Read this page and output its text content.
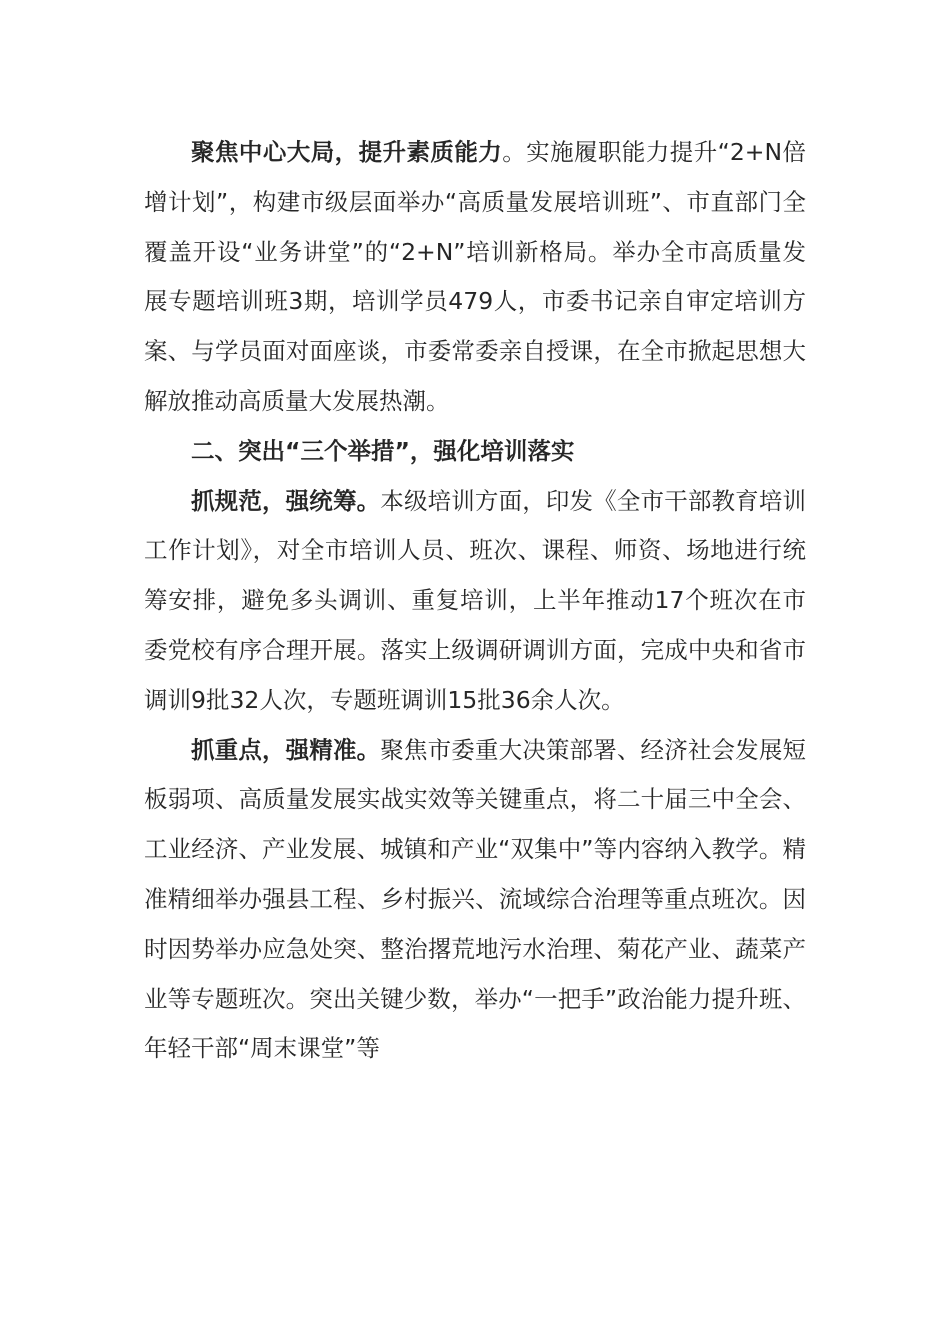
聚焦中心大局，提升素质能力。实施履职能力提升“2+N倍增计划”，构建市级层面举办“高质量发展培训班”、市直部门全覆盖开设“业务讲堂”的“2+N”培训新格局。举办全市高质量发展专题培训班3期，培训学员479人，市委书记亲自审定培训方案、与学员面对面座谈，市委常委亲自授课，在全市掀起思想大解放推动高质量大发展热潮。

二、突出“三个举措”，强化培训落实

抓规范，强统筹。本级培训方面，印发《全市干部教育培训工作计划》，对全市培训人员、班次、课程、师资、场地进行统筹安排，避免多头调训、重复培训，上半年推动17个班次在市委党校有序合理开展。落实上级调研调训方面，完成中央和省市调训9批32人次，专题班调训15批36余人次。

抓重点，强精准。聚焦市委重大决策部署、经济社会发展短板弱项、高质量发展实战实效等关键重点，将二十届三中全会、工业经济、产业发展、城镇和产业“双集中”等内容纳入教学。精准精细举办强县工程、乡村振兴、流域综合治理等重点班次。因时因势举办应急处突、整治撂荒地污水治理、菊花产业、蔬菜产业等专题班次。突出关键少数，举办“一把手”政治能力提升班、年轻干部“周末课堂”等
